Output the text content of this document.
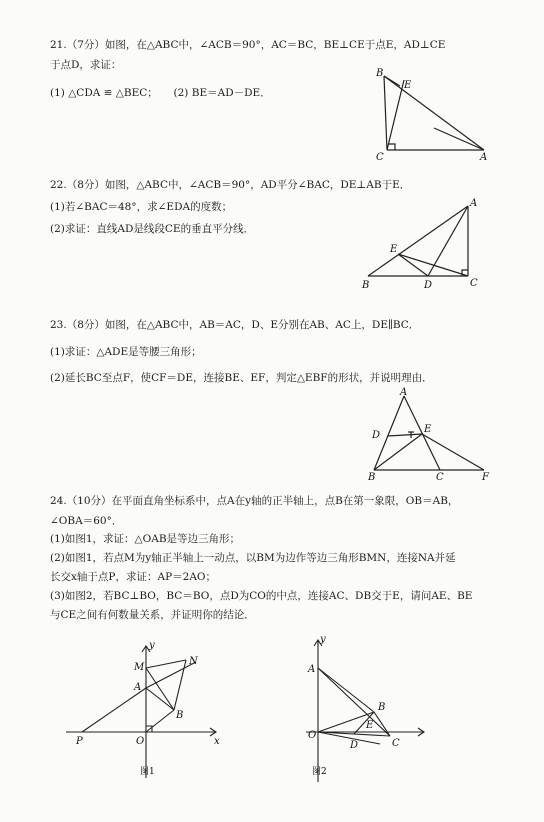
21.（7分）如图，在△ABC中，∠ACB＝90°，AC＝BC，BE⊥CE于点E，AD⊥CE
于点D，求证：
(1) △CDA ≌ △BEC；　　(2) BE＝AD－DE．
B
E
C	A
22.（8分）如图，△ABC中，∠ACB＝90°，AD平分∠BAC，DE⊥AB于E．
(1)若∠BAC＝48°，求∠EDA的度数；
(2)求证：直线AD是线段CE的垂直平分线．
A
E
B	D	C
23.（8分）如图，在△ABC中，AB＝AC，D、E分别在AB、AC上，DE∥BC．
(1)求证：△ADE是等腰三角形；
(2)延长BC至点F，使CF＝DE，连接BE、EF，判定△EBF的形状，并说明理由．
A
D
E
B	C	F
24.（10分）在平面直角坐标系中，点A在y轴的正半轴上，点B在第一象限，OB＝AB，
∠OBA＝60°．
(1)如图1，求证：△OAB是等边三角形；
(2)如图1，若点M为y轴正半轴上一动点，以BM为边作等边三角形BMN，连接NA并延
长交x轴于点P，求证：AP＝2AO；
(3)如图2，若BC⊥BO，BC＝BO，点D为CO的中点，连接AC、DB交于E，请问AE、BE
与CE之间有何数量关系，并证明你的结论．
y
M
A
N
B
P	O	x
图1
y
A
B
O
D
E
C
图2
